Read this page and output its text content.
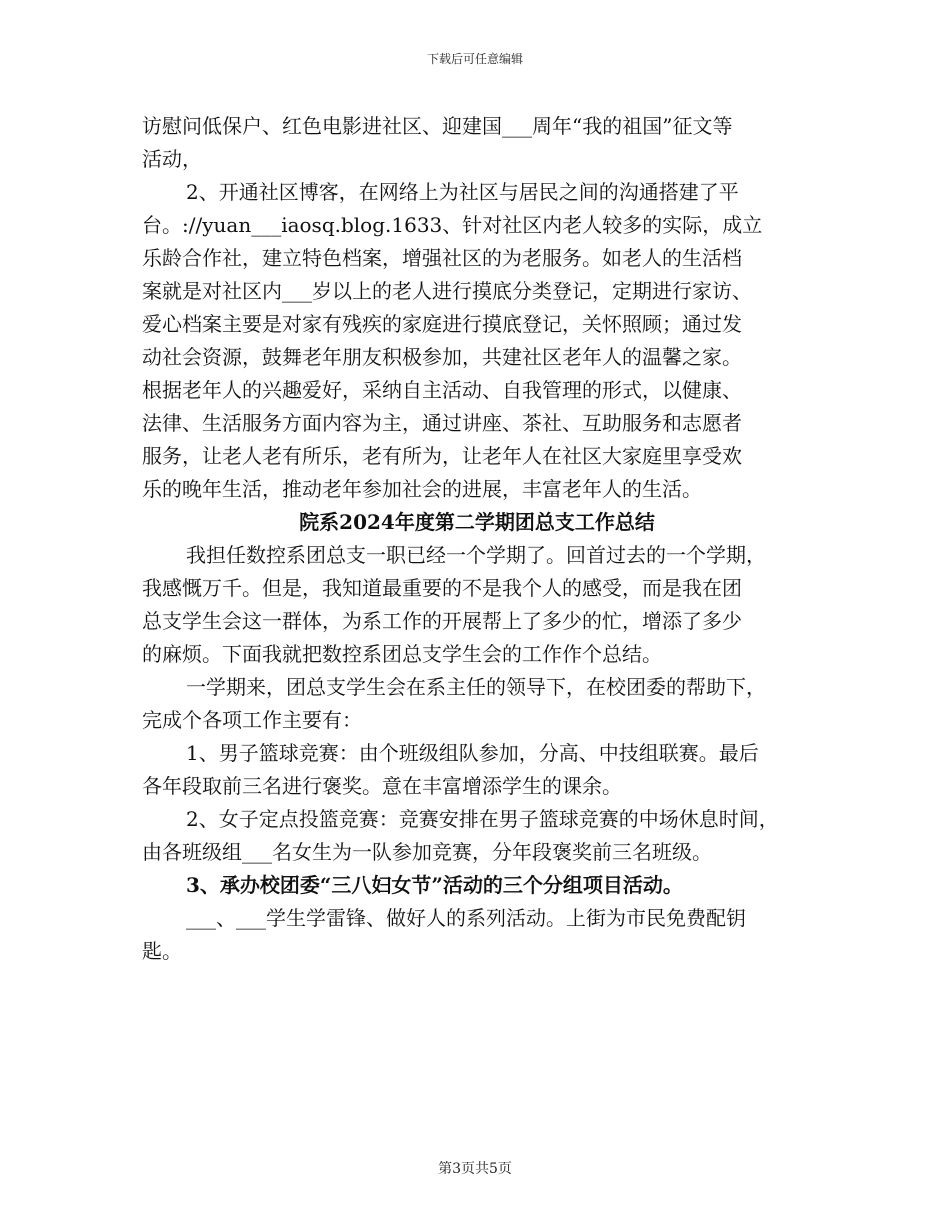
下载后可任意编辑
访慰问低保户、红色电影进社区、迎建国___周年“我的祖国”征文等
活动，
2、开通社区博客，在网络上为社区与居民之间的沟通搭建了平
台。://yuan___iaosq.blog.1633、针对社区内老人较多的实际，成立
乐龄合作社，建立特色档案，增强社区的为老服务。如老人的生活档
案就是对社区内___岁以上的老人进行摸底分类登记，定期进行家访、
爱心档案主要是对家有残疾的家庭进行摸底登记，关怀照顾；通过发
动社会资源，鼓舞老年朋友积极参加，共建社区老年人的温馨之家。
根据老年人的兴趣爱好，采纳自主活动、自我管理的形式，以健康、
法律、生活服务方面内容为主，通过讲座、茶社、互助服务和志愿者
服务，让老人老有所乐，老有所为，让老年人在社区大家庭里享受欢
乐的晚年生活，推动老年参加社会的进展，丰富老年人的生活。
院系2024年度第二学期团总支工作总结
我担任数控系团总支一职已经一个学期了。回首过去的一个学期，
我感慨万千。但是，我知道最重要的不是我个人的感受，而是我在团
总支学生会这一群体，为系工作的开展帮上了多少的忙，增添了多少
的麻烦。下面我就把数控系团总支学生会的工作作个总结。
一学期来，团总支学生会在系主任的领导下，在校团委的帮助下，
完成个各项工作主要有：
1、男子篮球竞赛：由个班级组队参加，分高、中技组联赛。最后
各年段取前三名进行褒奖。意在丰富增添学生的课余。
2、女子定点投篮竞赛：竞赛安排在男子篮球竞赛的中场休息时间，
由各班级组___名女生为一队参加竞赛，分年段褒奖前三名班级。
3、承办校团委“三八妇女节”活动的三个分组项目活动。
___、___学生学雷锋、做好人的系列活动。上街为市民免费配钥
匙。
第3页共5页
